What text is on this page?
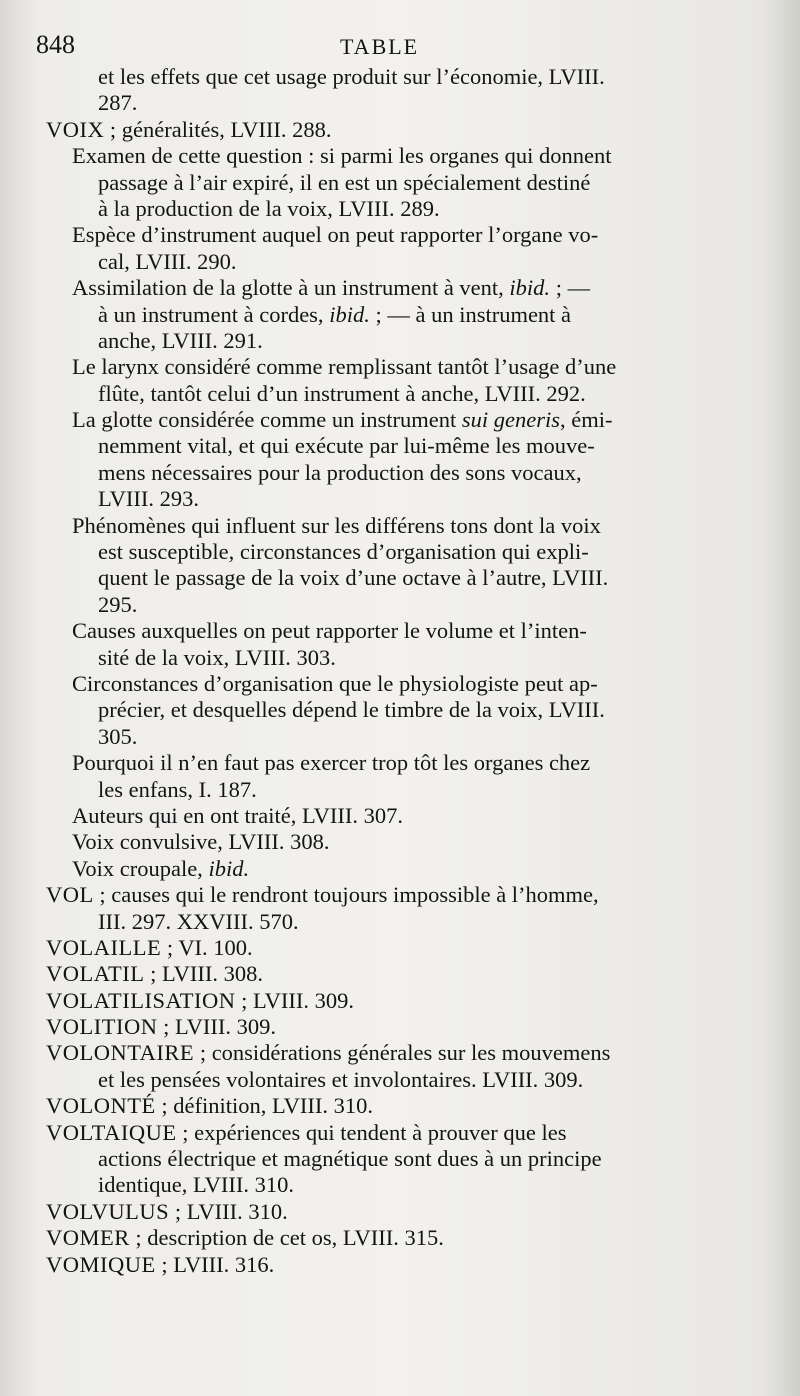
848	TABLE
et les effets que cet usage produit sur l’économie, LVIII.
287.
VOIX ; généralités, LVIII. 288.
Examen de cette question : si parmi les organes qui donnent
passage à l’air expiré, il en est un spécialement destiné
à la production de la voix, LVIII. 289.
Espèce d’instrument auquel on peut rapporter l’organe vo-
cal, LVIII. 290.
Assimilation de la glotte à un instrument à vent, ibid. ; —
à un instrument à cordes, ibid. ; — à un instrument à
anche, LVIII. 291.
Le larynx considéré comme remplissant tantôt l’usage d’une
flûte, tantôt celui d’un instrument à anche, LVIII. 292.
La glotte considérée comme un instrument sui generis, émi-
nemment vital, et qui exécute par lui-même les mouve-
mens nécessaires pour la production des sons vocaux,
LVIII. 293.
Phénomènes qui influent sur les différens tons dont la voix
est susceptible, circonstances d’organisation qui expli-
quent le passage de la voix d’une octave à l’autre, LVIII.
295.
Causes auxquelles on peut rapporter le volume et l’inten-
sité de la voix, LVIII. 303.
Circonstances d’organisation que le physiologiste peut ap-
précier, et desquelles dépend le timbre de la voix, LVIII.
305.
Pourquoi il n’en faut pas exercer trop tôt les organes chez
les enfans, I. 187.
Auteurs qui en ont traité, LVIII. 307.
Voix convulsive, LVIII. 308.
Voix croupale, ibid.
VOL ; causes qui le rendront toujours impossible à l’homme,
III. 297. XXVIII. 570.
VOLAILLE ; VI. 100.
VOLATIL ; LVIII. 308.
VOLATILISATION ; LVIII. 309.
VOLITION ; LVIII. 309.
VOLONTAIRE ; considérations générales sur les mouvemens
et les pensées volontaires et involontaires. LVIII. 309.
VOLONTÉ ; définition, LVIII. 310.
VOLTAIQUE ; expériences qui tendent à prouver que les
actions électrique et magnétique sont dues à un principe
identique, LVIII. 310.
VOLVULUS ; LVIII. 310.
VOMER ; description de cet os, LVIII. 315.
VOMIQUE ; LVIII. 316.
